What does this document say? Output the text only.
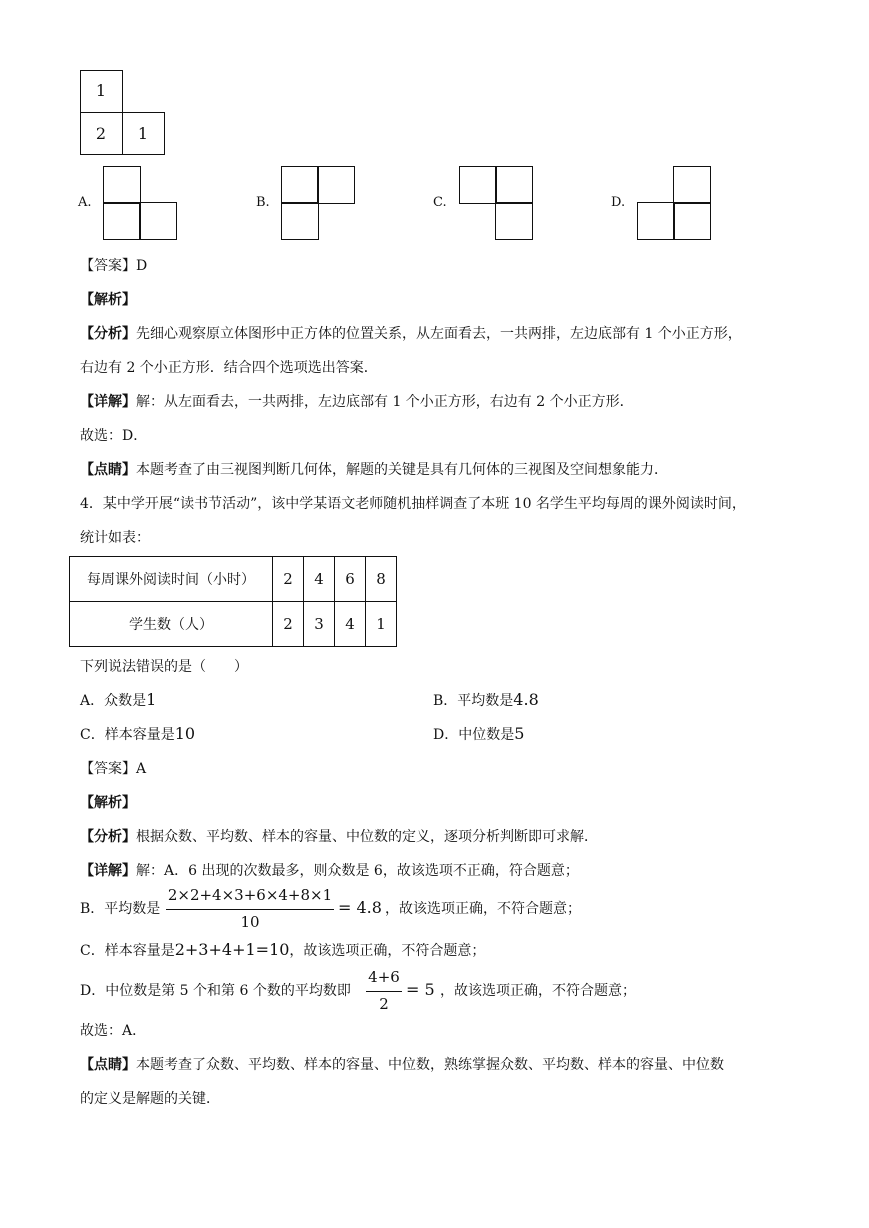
1
2	1
A.	B.	C.	D.
【答案】D
【解析】
【分析】先细心观察原立体图形中正方体的位置关系，从左面看去，一共两排，左边底部有 1 个小正方形，
右边有 2 个小正方形．结合四个选项选出答案．
【详解】解：从左面看去，一共两排，左边底部有 1 个小正方形，右边有 2 个小正方形．
故选：D．
【点睛】本题考查了由三视图判断几何体，解题的关键是具有几何体的三视图及空间想象能力．
4．某中学开展“读书节活动”，该中学某语文老师随机抽样调查了本班 10 名学生平均每周的课外阅读时间，
统计如表：
每周课外阅读时间（小时）	2	4	6	8
学生数（人）	2	3	4	1
下列说法错误的是（　　）
A．众数是1	B．平均数是4.8
C．样本容量是10	D．中位数是5
【答案】A
【解析】
【分析】根据众数、平均数、样本的容量、中位数的定义，逐项分析判断即可求解．
【详解】解：A．6 出现的次数最多，则众数是 6，故该选项不正确，符合题意；
B．平均数是
2×2+4×3+6×4+8×1
10
= 4.8 ，故该选项正确，不符合题意；
C．样本容量是2+3+4+1=10，故该选项正确，不符合题意；
D．中位数是第 5 个和第 6 个数的平均数即
4+6
2
= 5 ，故该选项正确，不符合题意；
故选：A．
【点睛】本题考查了众数、平均数、样本的容量、中位数，熟练掌握众数、平均数、样本的容量、中位数
的定义是解题的关键．
